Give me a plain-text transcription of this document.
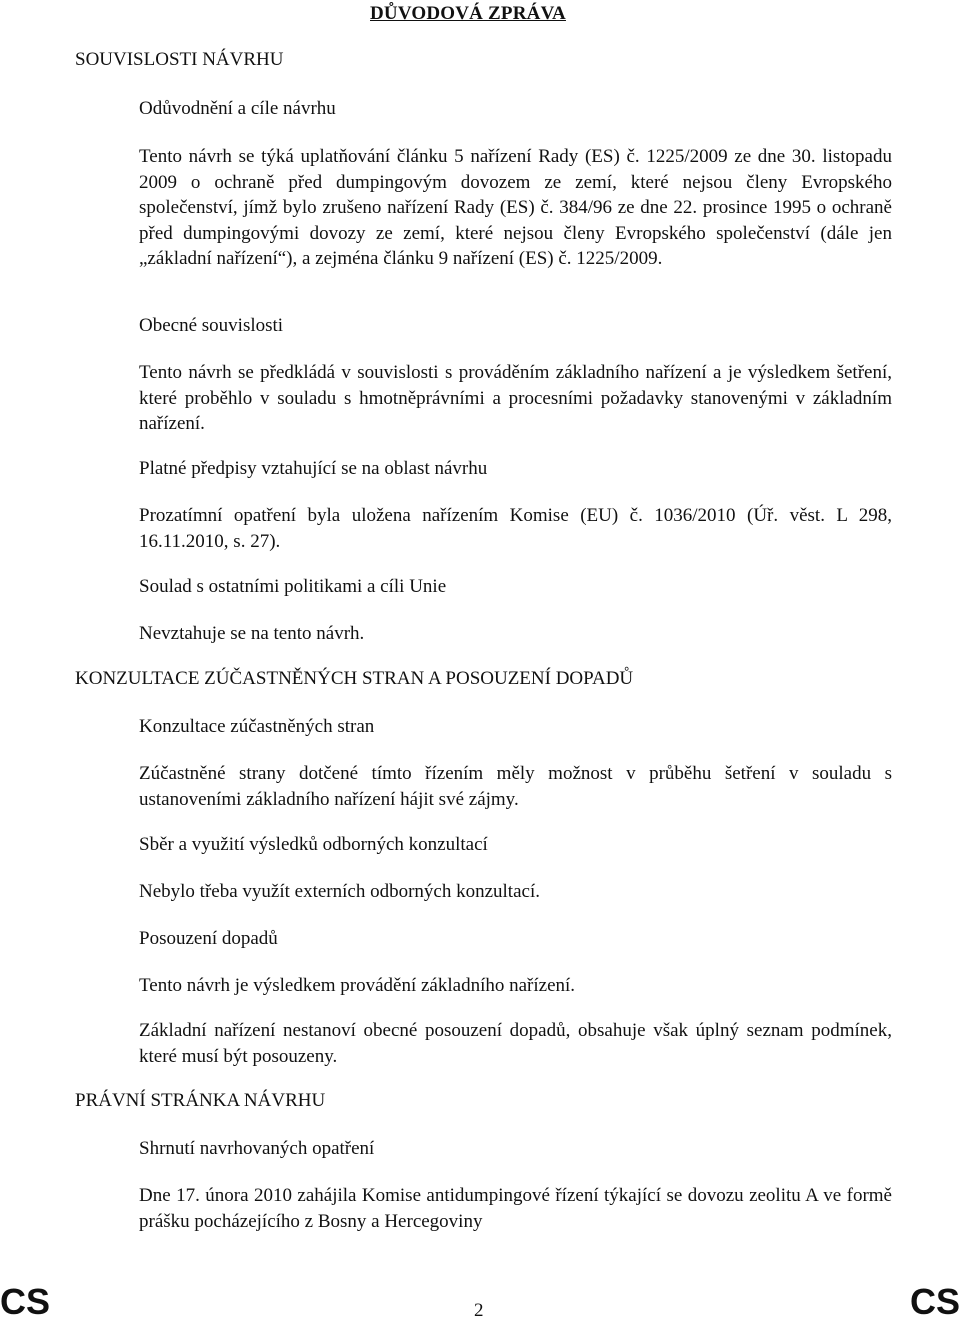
DŮVODOVÁ ZPRÁVA
SOUVISLOSTI NÁVRHU
Odůvodnění a cíle návrhu
Tento návrh se týká uplatňování článku 5 nařízení Rady (ES) č. 1225/2009 ze dne 30. listopadu 2009 o ochraně před dumpingovým dovozem ze zemí, které nejsou členy Evropského společenství, jímž bylo zrušeno nařízení Rady (ES) č. 384/96 ze dne 22. prosince 1995 o ochraně před dumpingovými dovozy ze zemí, které nejsou členy Evropského společenství (dále jen „základní nařízení“), a zejména článku 9 nařízení (ES) č. 1225/2009.
Obecné souvislosti
Tento návrh se předkládá v souvislosti s prováděním základního nařízení a je výsledkem šetření, které proběhlo v souladu s hmotněprávními a procesními požadavky stanovenými v základním nařízení.
Platné předpisy vztahující se na oblast návrhu
Prozatímní opatření byla uložena nařízením Komise (EU) č. 1036/2010 (Úř. věst. L 298, 16.11.2010, s. 27).
Soulad s ostatními politikami a cíli Unie
Nevztahuje se na tento návrh.
KONZULTACE ZÚČASTNĚNÝCH STRAN A POSOUZENÍ DOPADŮ
Konzultace zúčastněných stran
Zúčastněné strany dotčené tímto řízením měly možnost v průběhu šetření v souladu s ustanoveními základního nařízení hájit své zájmy.
Sběr a využití výsledků odborných konzultací
Nebylo třeba využít externích odborných konzultací.
Posouzení dopadů
Tento návrh je výsledkem provádění základního nařízení.
Základní nařízení nestanoví obecné posouzení dopadů, obsahuje však úplný seznam podmínek, které musí být posouzeny.
PRÁVNÍ STRÁNKA NÁVRHU
Shrnutí navrhovaných opatření
Dne 17. února 2010 zahájila Komise antidumpingové řízení týkající se dovozu zeolitu A ve formě prášku pocházejícího z Bosny a Hercegoviny
CS	2	CS
